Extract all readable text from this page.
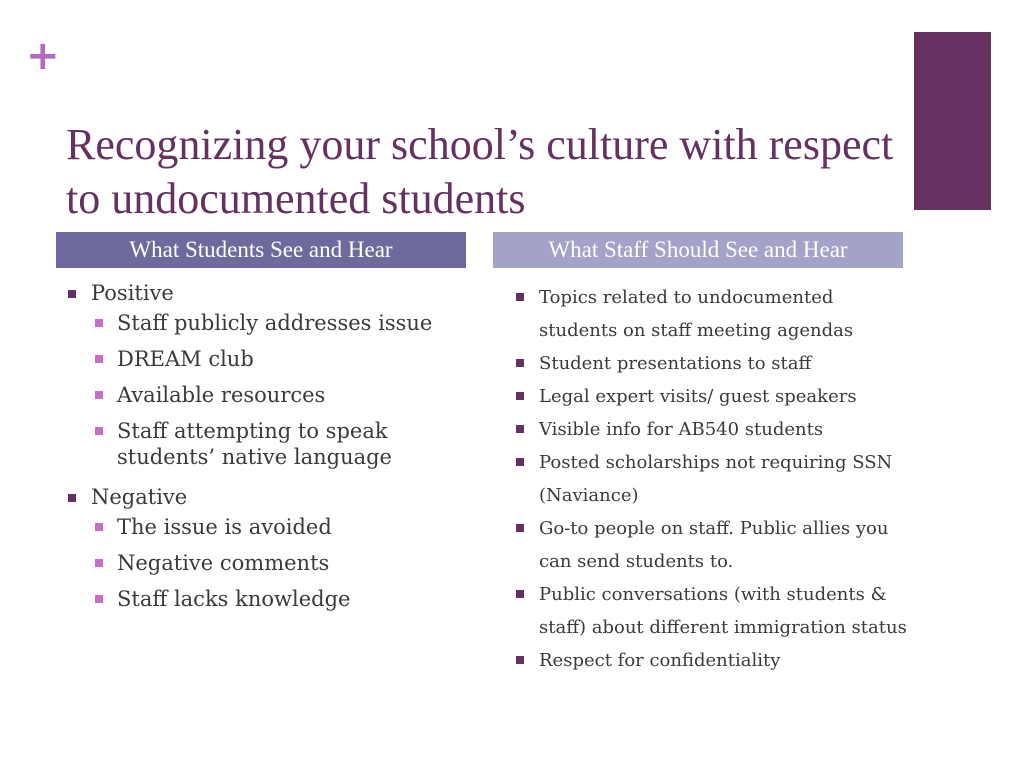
+
Recognizing your school’s culture with respect to undocumented students
What Students See and Hear	What Staff Should See and Hear
Positive
Staff publicly addresses issue
DREAM club
Available resources
Staff attempting to speak students’ native language
Negative
The issue is avoided
Negative comments
Staff lacks knowledge
Topics related to undocumented students on staff meeting agendas
Student presentations to staff
Legal expert visits/ guest speakers
Visible info for AB540 students
Posted scholarships not requiring SSN (Naviance)
Go-to people on staff. Public allies you can send students to.
Public conversations (with students & staff) about different immigration status
Respect for confidentiality
